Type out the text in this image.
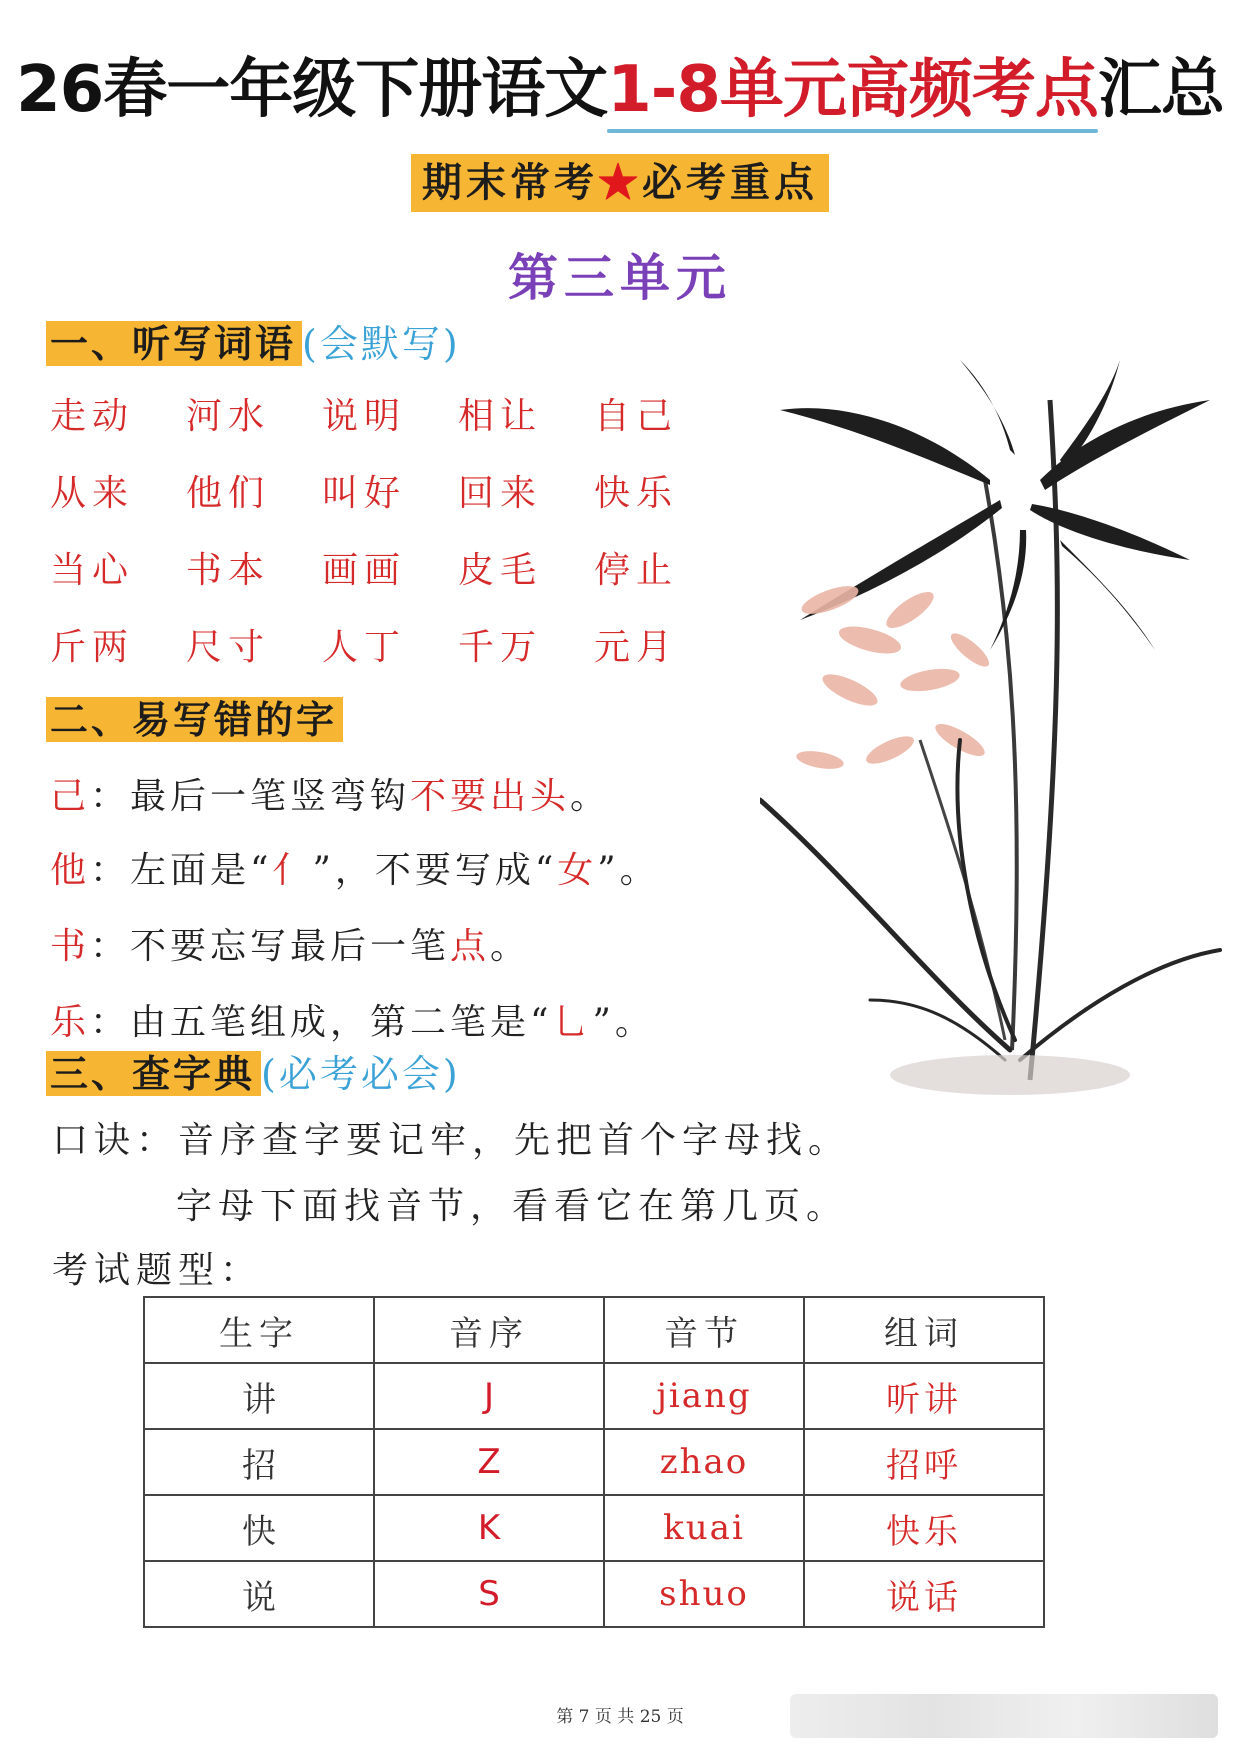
26春一年级下册语文1-8单元高频考点汇总
期末常考★必考重点
第三单元
一、听写词语 (会默写)
走动	河水	说明	相让	自己
从来	他们	叫好	回来	快乐
当心	书本	画画	皮毛	停止
斤两	尺寸	人丁	千万	元月
二、易写错的字
己：最后一笔竖弯钩不要出头。
他：左面是“亻”，不要写成“女”。
书：不要忘写最后一笔点。
乐：由五笔组成，第二笔是“乚”。
三、查字典 (必考必会)
口诀：音序查字要记牢，先把首个字母找。
字母下面找音节，看看它在第几页。
考试题型：
生字	音序	音节	组词
讲	J	jiang	听讲
招	Z	zhao	招呼
快	K	kuai	快乐
说	S	shuo	说话
第 7 页 共 25 页
